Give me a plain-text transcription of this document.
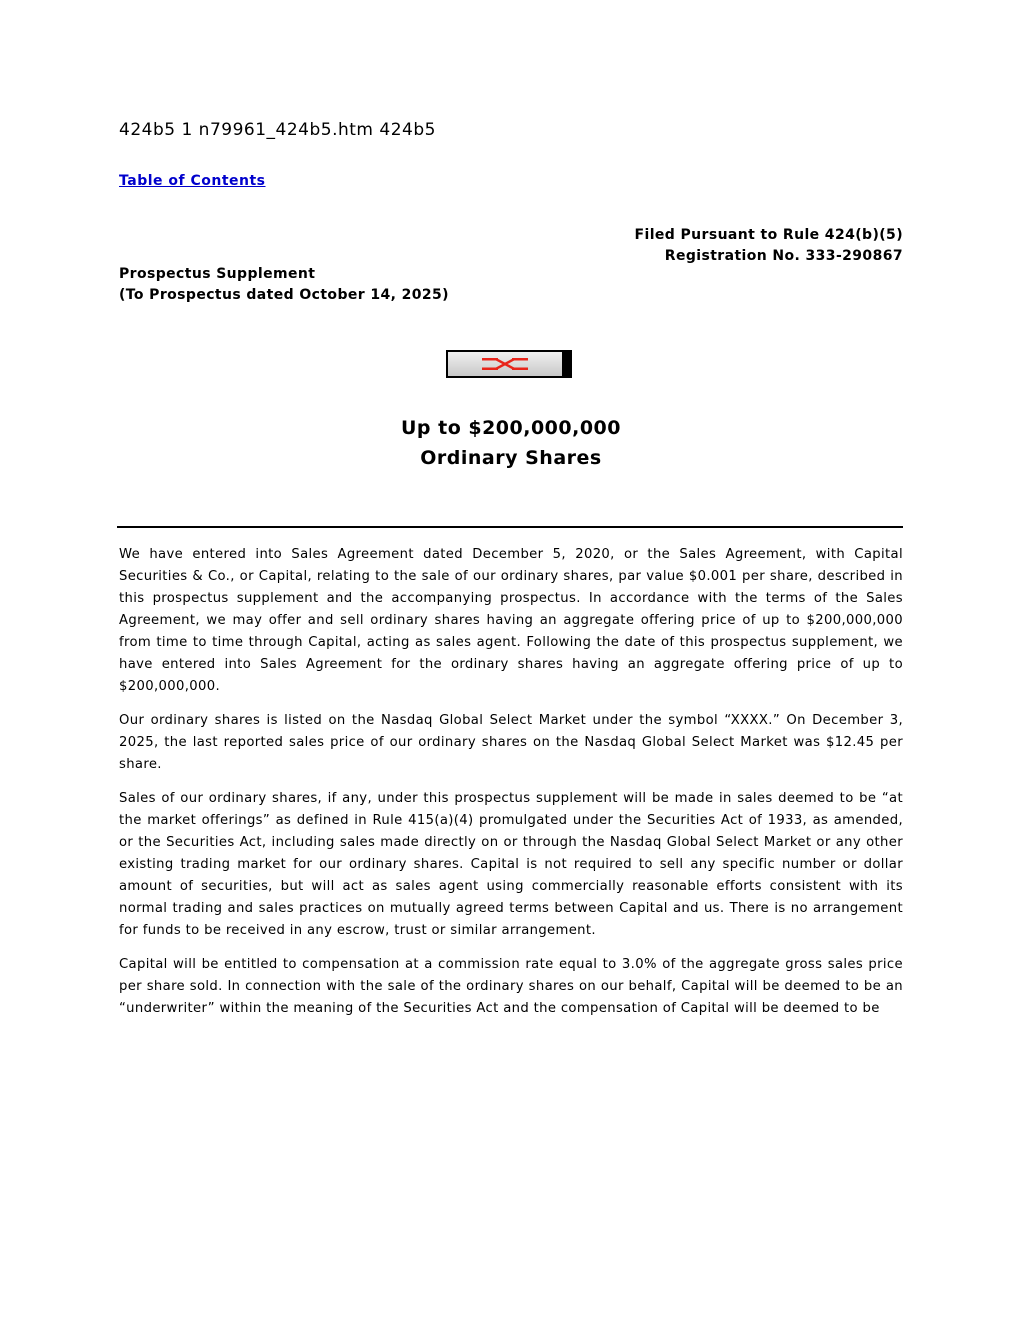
424b5 1 n79961_424b5.htm 424b5
Table of Contents
Filed Pursuant to Rule 424(b)(5)
Registration No. 333-290867
Prospectus Supplement
(To Prospectus dated October 14, 2025)
Up to $200,000,000
Ordinary Shares

We have entered into Sales Agreement dated December 5, 2020, or the Sales Agreement, with Capital Securities & Co., or Capital, relating to the sale of our ordinary shares, par value $0.001 per share, described in this prospectus supplement and the accompanying prospectus. In accordance with the terms of the Sales Agreement, we may offer and sell ordinary shares having an aggregate offering price of up to $200,000,000 from time to time through Capital, acting as sales agent. Following the date of this prospectus supplement, we have entered into Sales Agreement for the ordinary shares having an aggregate offering price of up to $200,000,000.

Our ordinary shares is listed on the Nasdaq Global Select Market under the symbol “XXXX.” On December 3, 2025, the last reported sales price of our ordinary shares on the Nasdaq Global Select Market was $12.45 per share.

Sales of our ordinary shares, if any, under this prospectus supplement will be made in sales deemed to be “at the market offerings” as defined in Rule 415(a)(4) promulgated under the Securities Act of 1933, as amended, or the Securities Act, including sales made directly on or through the Nasdaq Global Select Market or any other existing trading market for our ordinary shares. Capital is not required to sell any specific number or dollar amount of securities, but will act as sales agent using commercially reasonable efforts consistent with its normal trading and sales practices on mutually agreed terms between Capital and us. There is no arrangement for funds to be received in any escrow, trust or similar arrangement.

Capital will be entitled to compensation at a commission rate equal to 3.0% of the aggregate gross sales price per share sold. In connection with the sale of the ordinary shares on our behalf, Capital will be deemed to be an “underwriter” within the meaning of the Securities Act and the compensation of Capital will be deemed to be
